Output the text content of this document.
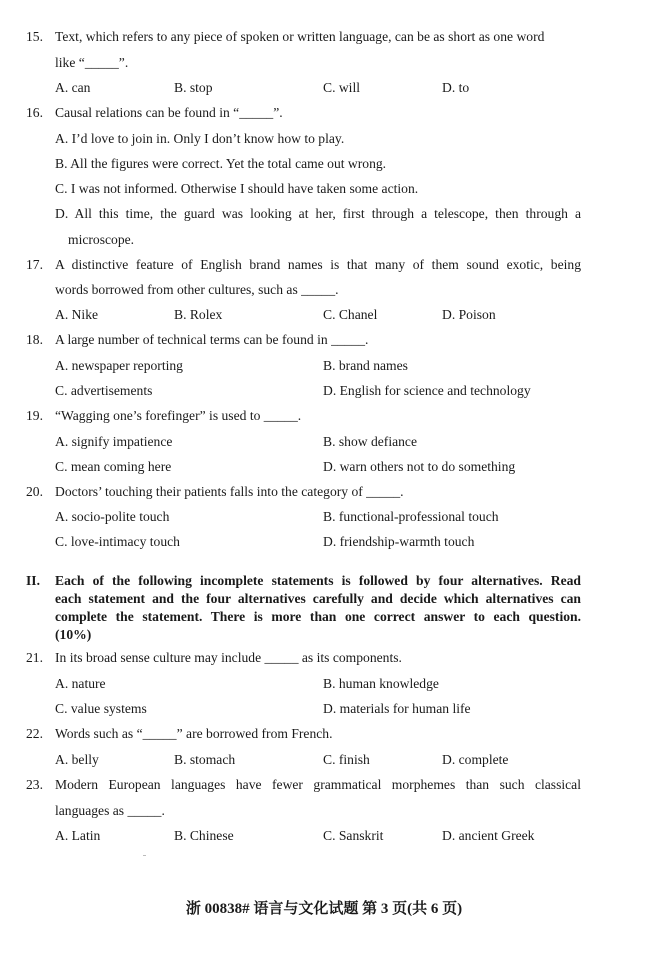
15. Text, which refers to any piece of spoken or written language, can be as short as one word
like “_____”.
A. can	B. stop	C. will	D. to
16. Causal relations can be found in “_____”.
A. I’d love to join in. Only I don’t know how to play.
B. All the figures were correct. Yet the total came out wrong.
C. I was not informed. Otherwise I should have taken some action.
D. All this time, the guard was looking at her, first through a telescope, then through a
microscope.
17. A distinctive feature of English brand names is that many of them sound exotic, being
words borrowed from other cultures, such as _____.
A. Nike	B. Rolex	C. Chanel	D. Poison
18. A large number of technical terms can be found in _____.
A. newspaper reporting	B. brand names
C. advertisements	D. English for science and technology
19. “Wagging one’s forefinger” is used to _____.
A. signify impatience	B. show defiance
C. mean coming here	D. warn others not to do something
20. Doctors’ touching their patients falls into the category of _____.
A. socio-polite touch	B. functional-professional touch
C. love-intimacy touch	D. friendship-warmth touch
II. Each of the following incomplete statements is followed by four alternatives. Read
each statement and the four alternatives carefully and decide which alternatives can
complete the statement. There is more than one correct answer to each question.
(10%)
21. In its broad sense culture may include _____ as its components.
A. nature	B. human knowledge
C. value systems	D. materials for human life
22. Words such as “_____” are borrowed from French.
A. belly	B. stomach	C. finish	D. complete
23. Modern European languages have fewer grammatical morphemes than such classical
languages as _____.
A. Latin	B. Chinese	C. Sanskrit	D. ancient Greek
浙 00838# 语言与文化试题 第 3 页(共 6 页)
